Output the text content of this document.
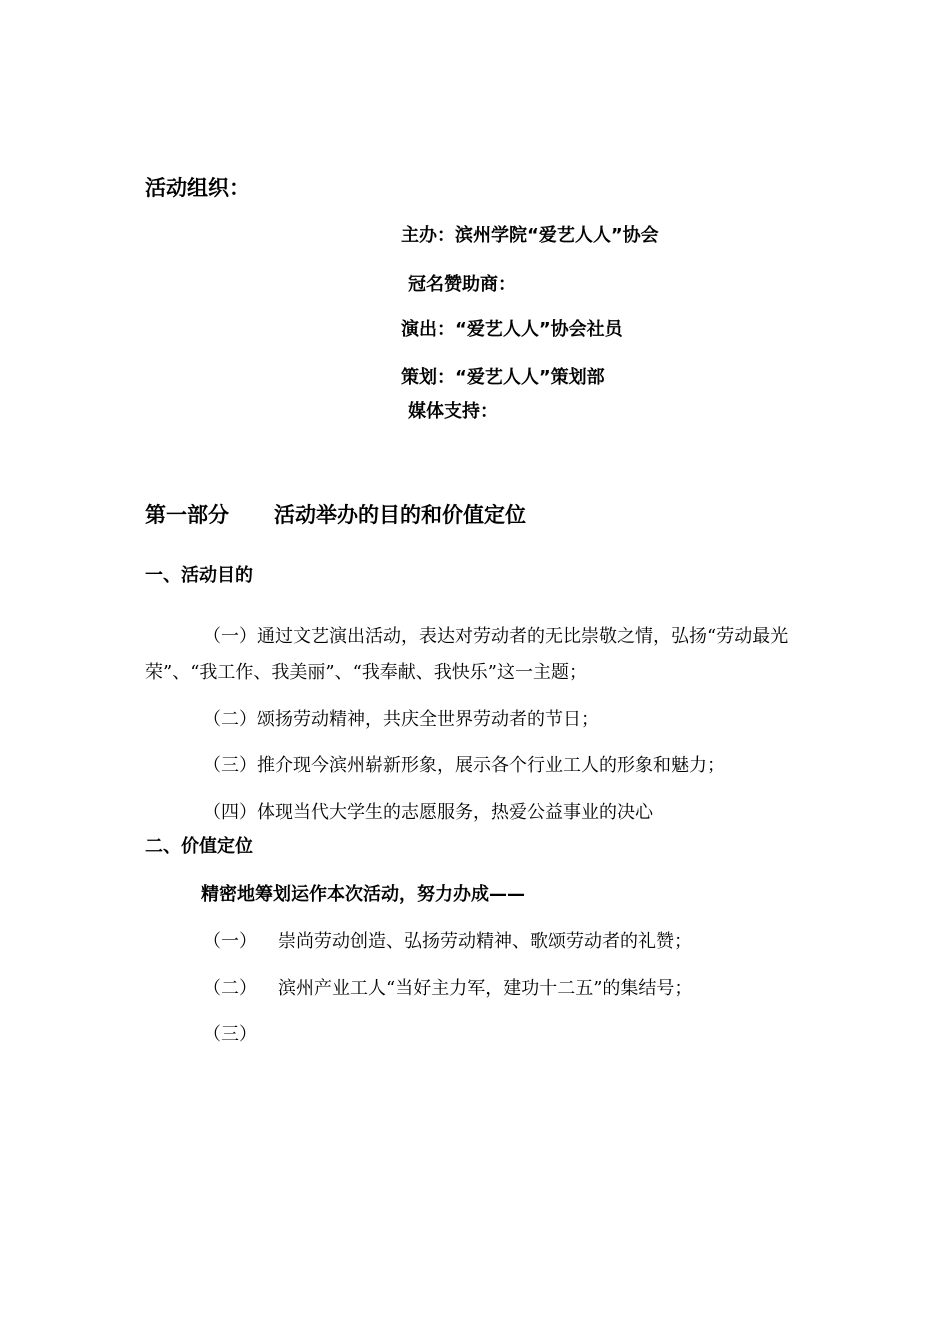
活动组织：
主办：滨州学院“爱艺人人”协会
冠名赞助商：
演出：“爱艺人人”协会社员
策划：“爱艺人人”策划部
媒体支持：
第一部分 活动举办的目的和价值定位
一、活动目的
（一）通过文艺演出活动，表达对劳动者的无比崇敬之情，弘扬“劳动最光
荣”、“我工作、我美丽”、“我奉献、我快乐”这一主题；
（二）颂扬劳动精神，共庆全世界劳动者的节日；
（三）推介现今滨州崭新形象，展示各个行业工人的形象和魅力；
（四）体现当代大学生的志愿服务，热爱公益事业的决心
二、价值定位
精密地筹划运作本次活动，努力办成——
（一） 崇尚劳动创造、弘扬劳动精神、歌颂劳动者的礼赞；
（二） 滨州产业工人“当好主力军，建功十二五”的集结号；
（三）
